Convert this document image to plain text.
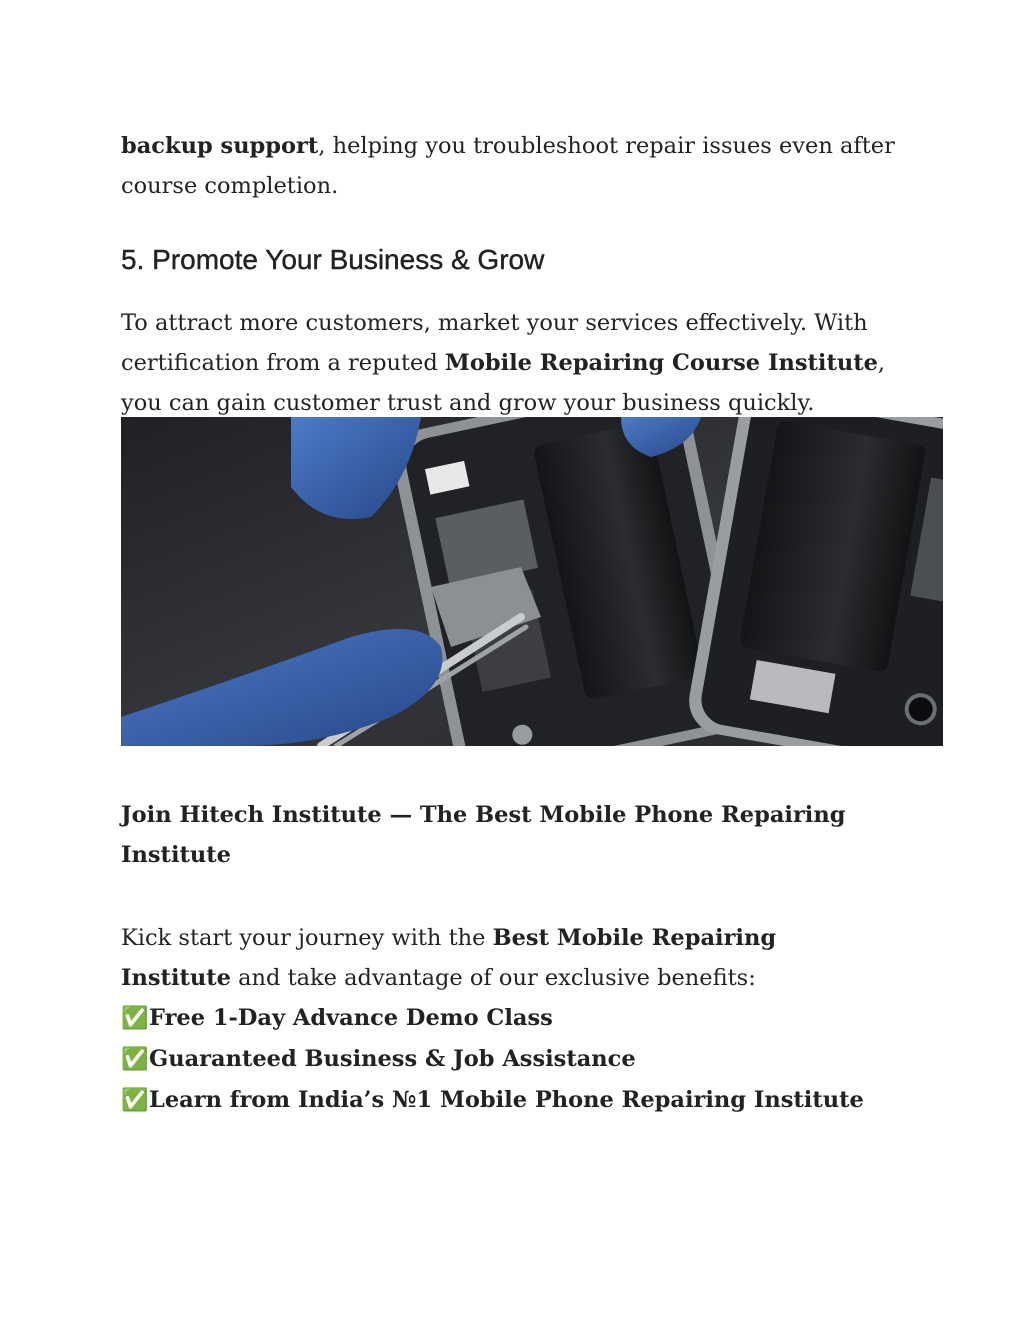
backup support, helping you troubleshoot repair issues even after course completion.

5. Promote Your Business & Grow

To attract more customers, market your services effectively. With certification from a reputed Mobile Repairing Course Institute, you can gain customer trust and grow your business quickly.

Join Hitech Institute — The Best Mobile Phone Repairing Institute

Kick start your journey with the Best Mobile Repairing Institute and take advantage of our exclusive benefits:

✅Free 1-Day Advance Demo Class
✅Guaranteed Business & Job Assistance
✅Learn from India’s №1 Mobile Phone Repairing Institute
